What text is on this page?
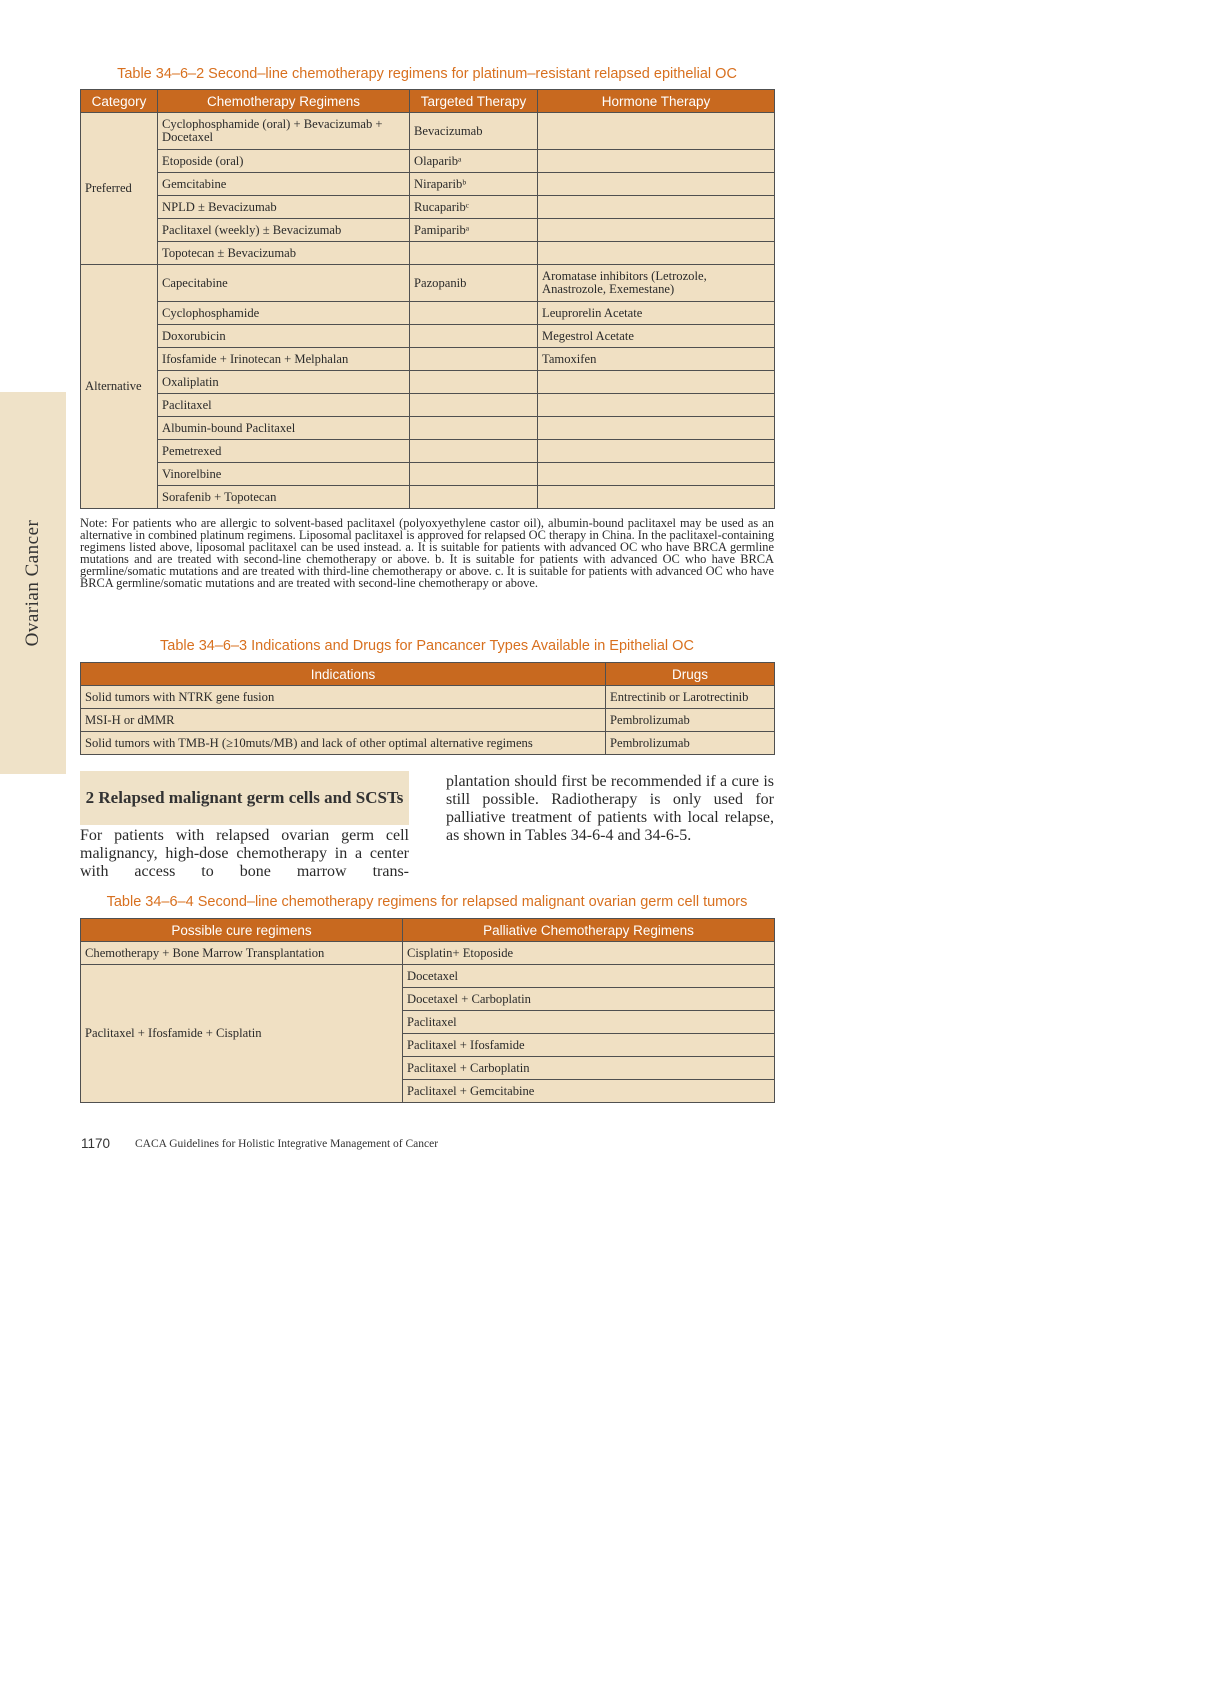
Ovarian Cancer
Table 34–6–2 Second–line chemotherapy regimens for platinum–resistant relapsed epithelial OC
Category	Chemotherapy Regimens	Targeted Therapy	Hormone Therapy
Preferred	Cyclophosphamide (oral) + Bevacizumab + Docetaxel	Bevacizumab	
	Etoposide (oral)	Olaparibᵃ	
	Gemcitabine	Niraparibᵇ	
	NPLD ± Bevacizumab	Rucaparibᶜ	
	Paclitaxel (weekly) ± Bevacizumab	Pamiparibᵃ	
	Topotecan ± Bevacizumab		
Alternative	Capecitabine	Pazopanib	Aromatase inhibitors (Letrozole, Anastrozole, Exemestane)
	Cyclophosphamide		Leuprorelin Acetate
	Doxorubicin		Megestrol Acetate
	Ifosfamide + Irinotecan + Melphalan		Tamoxifen
	Oxaliplatin		
	Paclitaxel		
	Albumin-bound Paclitaxel		
	Pemetrexed		
	Vinorelbine		
	Sorafenib + Topotecan		

Note: For patients who are allergic to solvent-based paclitaxel (polyoxyethylene castor oil), albumin-bound paclitaxel may be used as an alternative in combined platinum regimens. Liposomal paclitaxel is approved for relapsed OC therapy in China. In the paclitaxel-containing regimens listed above, liposomal paclitaxel can be used instead. a. It is suitable for patients with advanced OC who have BRCA germline mutations and are treated with second-line chemotherapy or above. b. It is suitable for patients with advanced OC who have BRCA germline/somatic mutations and are treated with third-line chemotherapy or above. c. It is suitable for patients with advanced OC who have BRCA germline/somatic mutations and are treated with second-line chemotherapy or above.

Table 34–6–3 Indications and Drugs for Pancancer Types Available in Epithelial OC
Indications	Drugs
Solid tumors with NTRK gene fusion	Entrectinib or Larotrectinib
MSI-H or dMMR	Pembrolizumab
Solid tumors with TMB-H (≥10muts/MB) and lack of other optimal alternative regimens	Pembrolizumab
2 Relapsed malignant germ cells and SCSTs

For patients with relapsed ovarian germ cell malignancy, high-dose chemotherapy in a center with access to bone marrow trans-

plantation should first be recommended if a cure is still possible. Radiotherapy is only used for palliative treatment of patients with local relapse, as shown in Tables 34-6-4 and 34-6-5.

Table 34–6–4 Second–line chemotherapy regimens for relapsed malignant ovarian germ cell tumors
Possible cure regimens	Palliative Chemotherapy Regimens
Chemotherapy + Bone Marrow Transplantation	Cisplatin+ Etoposide
Paclitaxel + Ifosfamide + Cisplatin	Docetaxel
	Docetaxel + Carboplatin
	Paclitaxel
	Paclitaxel + Ifosfamide
	Paclitaxel + Carboplatin
	Paclitaxel + Gemcitabine
1170 CACA Guidelines for Holistic Integrative Management of Cancer
